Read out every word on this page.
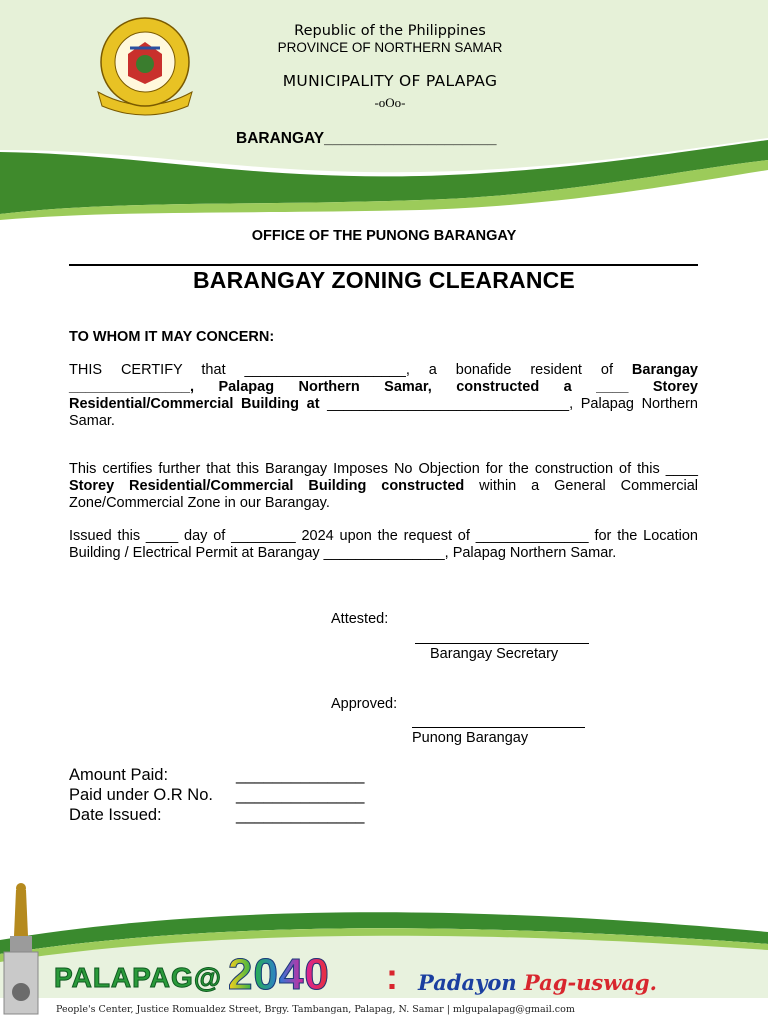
Republic of the Philippines
PROVINCE OF NORTHERN SAMAR
MUNICIPALITY OF PALAPAG
-oOo-
BARANGAY____________________
OFFICE OF THE PUNONG BARANGAY
BARANGAY ZONING CLEARANCE
TO WHOM IT MAY CONCERN:
THIS CERTIFY that ____________________, a bonafide resident of Barangay _______________, Palapag Northern Samar, constructed a ____ Storey Residential/Commercial Building at ______________________________, Palapag Northern Samar.
This certifies further that this Barangay Imposes No Objection for the construction of this ____ Storey Residential/Commercial Building constructed within a General Commercial Zone/Commercial Zone in our Barangay.
Issued this ____ day of ________ 2024 upon the request of ______________ for the Location Building / Electrical Permit at Barangay _______________, Palapag Northern Samar.
Attested:
Barangay Secretary
Approved:
Punong Barangay
Amount Paid:	______________
Paid under O.R No. ______________
Date Issued:	______________
PALAPAG@ 2040 : Padayon Pag-uswag.
People's Center, Justice Romualdez Street, Brgy. Tambangan, Palapag, N. Samar | mlgupalapag@gmail.com
